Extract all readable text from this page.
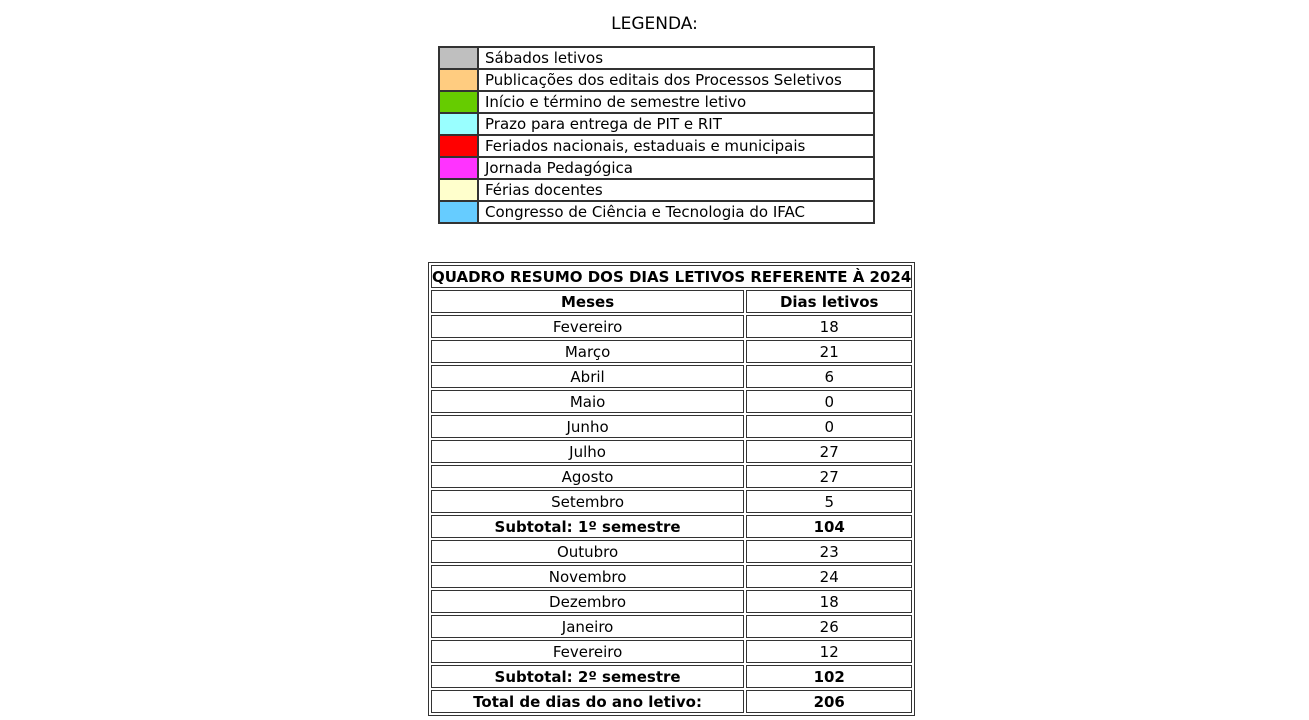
LEGENDA:
	Sábados letivos
	Publicações dos editais dos Processos Seletivos
	Início e término de semestre letivo
	Prazo para entrega de PIT e RIT
	Feriados nacionais, estaduais e municipais
	Jornada Pedagógica
	Férias docentes
	Congresso de Ciência e Tecnologia do IFAC
QUADRO RESUMO DOS DIAS LETIVOS REFERENTE À 2024	
Meses	Dias letivos
Fevereiro	18
Março	21
Abril	6
Maio	0
Junho	0
Julho	27
Agosto	27
Setembro	5
Subtotal: 1º semestre	104
Outubro	23
Novembro	24
Dezembro	18
Janeiro	26
Fevereiro	12
Subtotal: 2º semestre	102
Total de dias do ano letivo:	206
